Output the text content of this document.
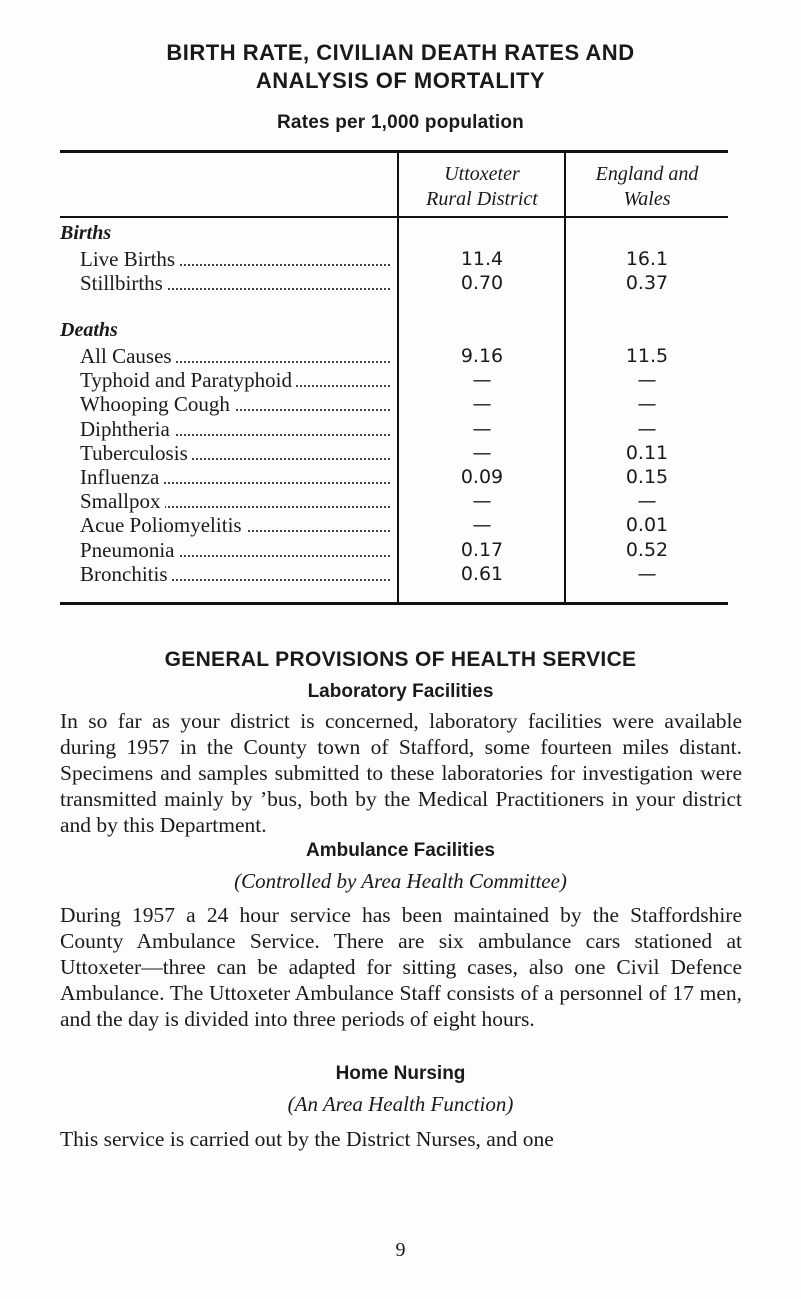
BIRTH RATE, CIVILIAN DEATH RATES AND
ANALYSIS OF MORTALITY
Rates per 1,000 population
Uttoxeter Rural District
England and Wales
Births
Live Births	11.4	16.1
Stillbirths	0.70	0.37
Deaths
All Causes	9.16	11.5
Typhoid and Paratyphoid	—	—
Whooping Cough	—	—
Diphtheria	—	—
Tuberculosis	—	0.11
Influenza	0.09	0.15
Smallpox	—	—
Acue Poliomyelitis	—	0.01
Pneumonia	0.17	0.52
Bronchitis	0.61	—
GENERAL PROVISIONS OF HEALTH SERVICE
Laboratory Facilities
In so far as your district is concerned, laboratory facilities were available during 1957 in the County town of Stafford, some fourteen miles distant. Specimens and samples submitted to these laboratories for investigation were transmitted mainly by ’bus, both by the Medical Practitioners in your district and by this Department.
Ambulance Facilities
(Controlled by Area Health Committee)
During 1957 a 24 hour service has been maintained by the Staffordshire County Ambulance Service. There are six ambulance cars stationed at Uttoxeter—three can be adapted for sitting cases, also one Civil Defence Ambulance. The Uttoxeter Ambulance Staff consists of a personnel of 17 men, and the day is divided into three periods of eight hours.
Home Nursing
(An Area Health Function)
This service is carried out by the District Nurses, and one
9
